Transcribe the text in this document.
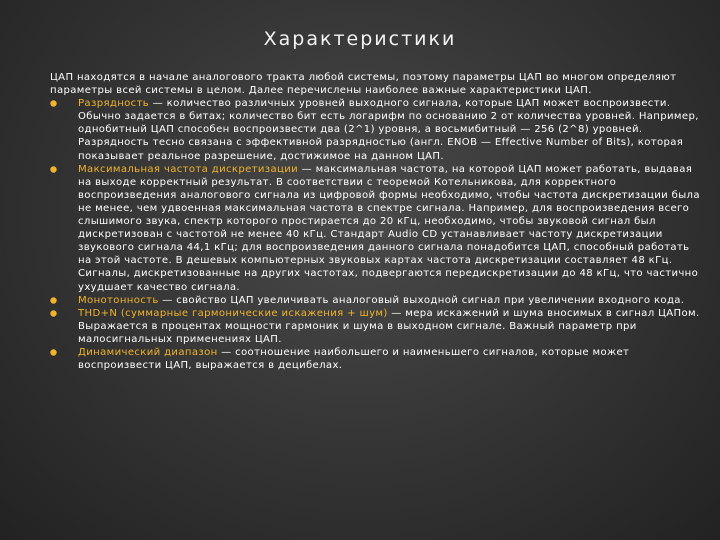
Характеристики

ЦАП находятся в начале аналогового тракта любой системы, поэтому параметры ЦАП во многом определяют параметры всей системы в целом. Далее перечислены наиболее важные характеристики ЦАП.

Разрядность — количество различных уровней выходного сигнала, которые ЦАП может воспроизвести. Обычно задается в битах; количество бит есть логарифм по основанию 2 от количества уровней. Например, однобитный ЦАП способен воспроизвести два (2^1) уровня, а восьмибитный — 256 (2^8) уровней. Разрядность тесно связана с эффективной разрядностью (англ. ENOB — Effective Number of Bits), которая показывает реальное разрешение, достижимое на данном ЦАП.
Максимальная частота дискретизации — максимальная частота, на которой ЦАП может работать, выдавая на выходе корректный результат. В соответствии с теоремой Котельникова, для корректного воспроизведения аналогового сигнала из цифровой формы необходимо, чтобы частота дискретизации была не менее, чем удвоенная максимальная частота в спектре сигнала. Например, для воспроизведения всего слышимого звука, спектр которого простирается до 20 кГц, необходимо, чтобы звуковой сигнал был дискретизован с частотой не менее 40 кГц. Стандарт Audio CD устанавливает частоту дискретизации звукового сигнала 44,1 кГц; для воспроизведения данного сигнала понадобится ЦАП, способный работать на этой частоте. В дешевых компьютерных звуковых картах частота дискретизации составляет 48 кГц. Сигналы, дискретизованные на других частотах, подвергаются передискретизации до 48 кГц, что частично ухудшает качество сигнала.
Монотонность — свойство ЦАП увеличивать аналоговый выходной сигнал при увеличении входного кода.
THD+N (суммарные гармонические искажения + шум) — мера искажений и шума вносимых в сигнал ЦАПом. Выражается в процентах мощности гармоник и шума в выходном сигнале. Важный параметр при малосигнальных применениях ЦАП.
Динамический диапазон — соотношение наибольшего и наименьшего сигналов, которые может воспроизвести ЦАП, выражается в децибелах.
